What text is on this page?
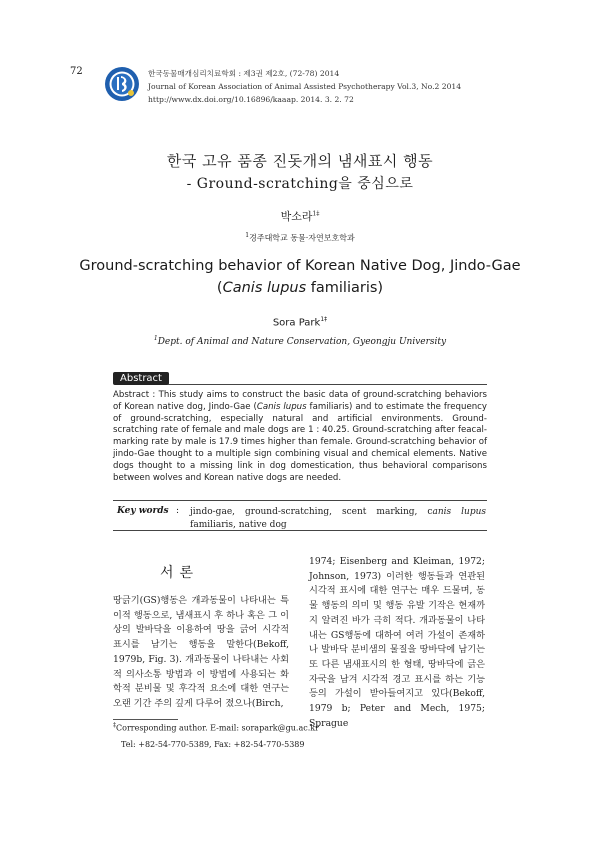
72	한국동물매개심리치료학회 : 제3권 제2호, (72-78) 2014
Journal of Korean Association of Animal Assisted Psychotherapy Vol.3, No.2 2014
http://www.dx.doi.org/10.16896/kaaap. 2014. 3. 2. 72
한국 고유 품종 진돗개의 냄새표시 행동
- Ground-scratching을 중심으로
박소라$^{1\ddagger}$
$^1$경주대학교 동물·자연보호학과
Ground-scratching behavior of Korean Native Dog, Jindo-Gae
(Canis lupus familiaris)
Sora Park$^{1\ddagger}$
$^1$Dept. of Animal and Nature Conservation, Gyeongju University
Abstract
Abstract : This study aims to construct the basic data of ground-scratching behaviors of Korean native dog, Jindo-Gae (Canis lupus familiaris) and to estimate the frequency of ground-scratching, especially natural and artificial environments. Ground-scratching rate of female and male dogs are 1 : 40.25. Ground-scratching after feacal-marking rate by male is 17.9 times higher than female. Ground-scratching behavior of jindo-Gae thought to a multiple sign combining visual and chemical elements. Native dogs thought to a missing link in dog domestication, thus behavioral comparisons between wolves and Korean native dogs are needed.
Key words : jindo-gae, ground-scratching, scent marking, canis lupus familiaris, native dog
서론
땅긁기(GS)행동은 개과동물이 나타내는 특이적 행동으로, 냄새표시 후 하나 혹은 그 이상의 발바닥을 이용하여 땅을 긁어 시각적 표시를 남기는 행동을 말한다(Bekoff, 1979b, Fig. 3). 개과동물이 나타내는 사회적 의사소통 방법과 이 방법에 사용되는 화학적 분비물 및 후각적 요소에 대한 연구는 오랜 기간 주의 깊게 다루어 졌으나(Birch,
1974; Eisenberg and Kleiman, 1972; Johnson, 1973) 이러한 행동들과 연관된 시각적 표시에 대한 연구는 매우 드물며, 동물 행동의 의미 및 행동 유발 기작은 현재까지 알려진 바가 극히 적다. 개과동물이 나타내는 GS행동에 대하여 여러 가설이 존재하나 발바닥 분비샘의 물질을 땅바닥에 남기는 또 다른 냄새표시의 한 형태, 땅바닥에 긁은 자국을 남겨 시각적 경고 표시를 하는 기능 등의 가설이 받아들여지고 있다(Bekoff, 1979 b; Peter and Mech, 1975; Sprague
‡Corresponding author. E-mail: sorapark@gu.ac.kr
Tel: +82-54-770-5389, Fax: +82-54-770-5389
